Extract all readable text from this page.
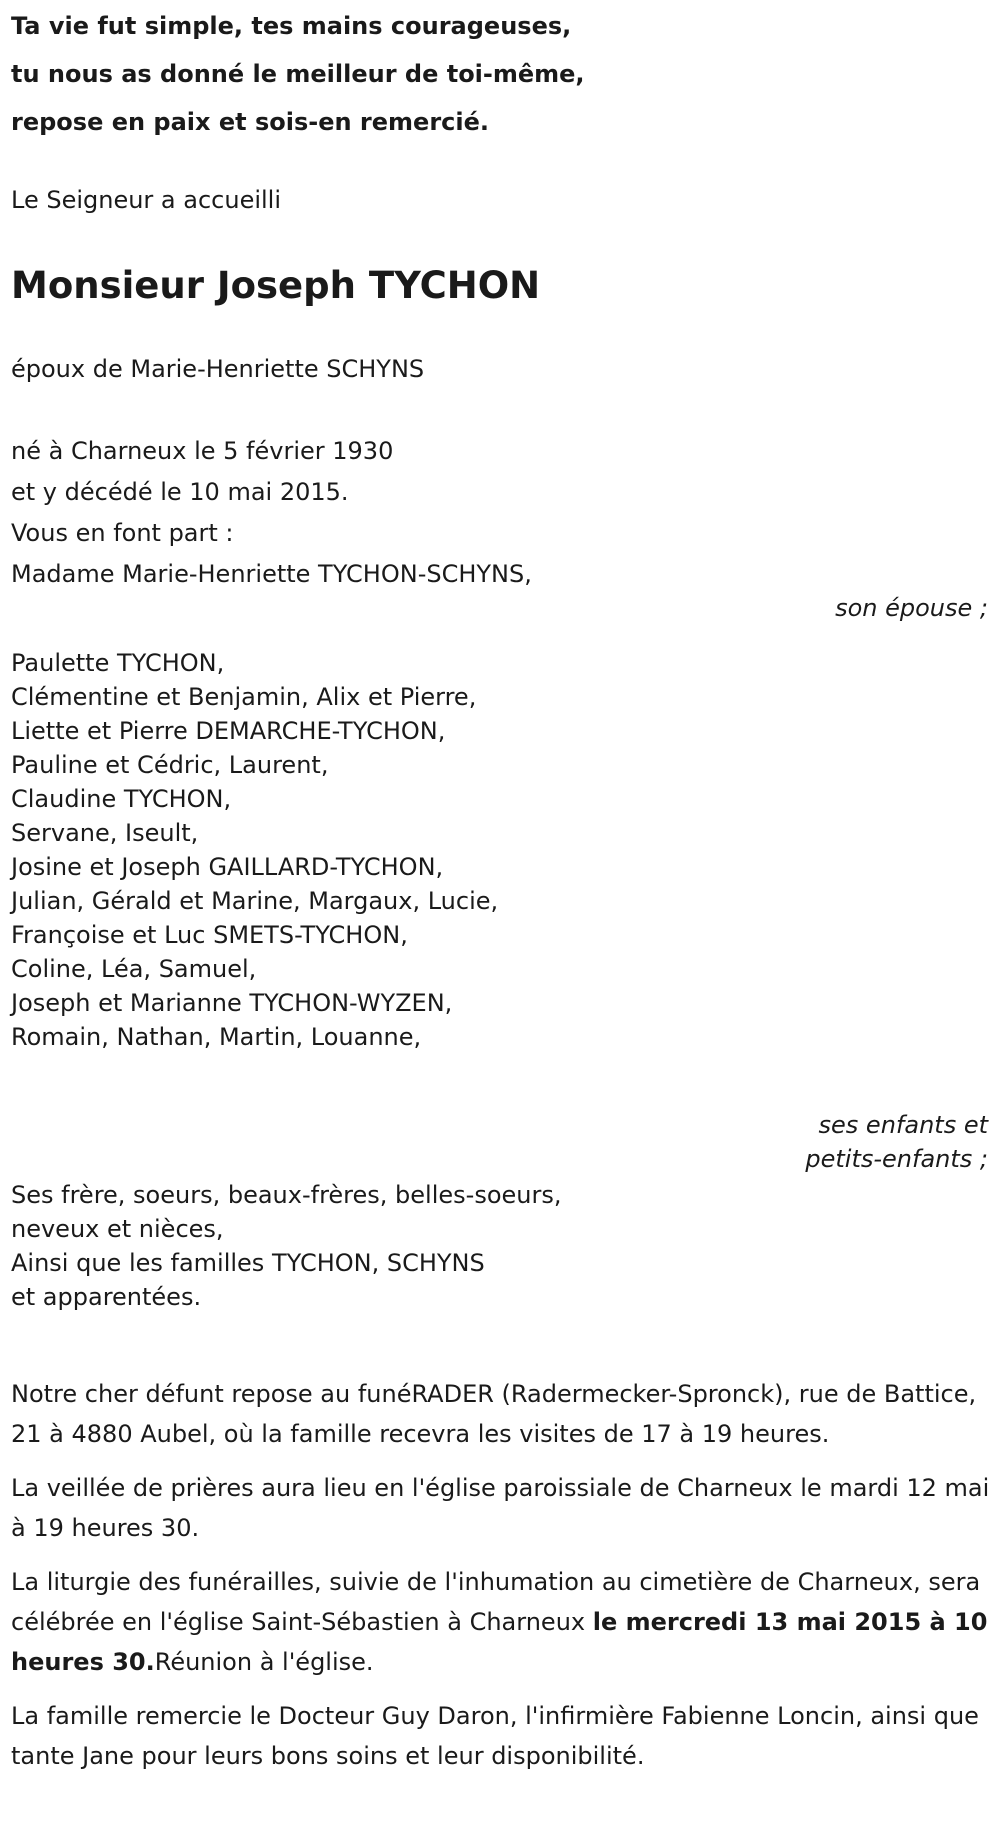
Ta vie fut simple, tes mains courageuses,

tu nous as donné le meilleur de toi-même,

repose en paix et sois-en remercié.

Le Seigneur a accueilli

Monsieur Joseph TYCHON

époux de Marie-Henriette SCHYNS

né à Charneux le 5 février 1930

et y décédé le 10 mai 2015.

Vous en font part :

Madame Marie-Henriette TYCHON-SCHYNS,

son épouse ;

Paulette TYCHON,

Clémentine et Benjamin, Alix et Pierre,

Liette et Pierre DEMARCHE-TYCHON,

Pauline et Cédric, Laurent,

Claudine TYCHON,

Servane, Iseult,

Josine et Joseph GAILLARD-TYCHON,

Julian, Gérald et Marine, Margaux, Lucie,

Françoise et Luc SMETS-TYCHON,

Coline, Léa, Samuel,

Joseph et Marianne TYCHON-WYZEN,

Romain, Nathan, Martin, Louanne,

ses enfants et

petits-enfants ;

Ses frère, soeurs, beaux-frères, belles-soeurs,

neveux et nièces,

Ainsi que les familles TYCHON, SCHYNS

et apparentées.

Notre cher défunt repose au funéRADER (Radermecker-Spronck), rue de Battice, 21 à 4880 Aubel, où la famille recevra les visites de 17 à 19 heures.

La veillée de prières aura lieu en l'église paroissiale de Charneux le mardi 12 mai à 19 heures 30.

La liturgie des funérailles, suivie de l'inhumation au cimetière de Charneux, sera célébrée en l'église Saint-Sébastien à Charneux le mercredi 13 mai 2015 à 10 heures 30.Réunion à l'église.

La famille remercie le Docteur Guy Daron, l'infirmière Fabienne Loncin, ainsi que tante Jane pour leurs bons soins et leur disponibilité.
